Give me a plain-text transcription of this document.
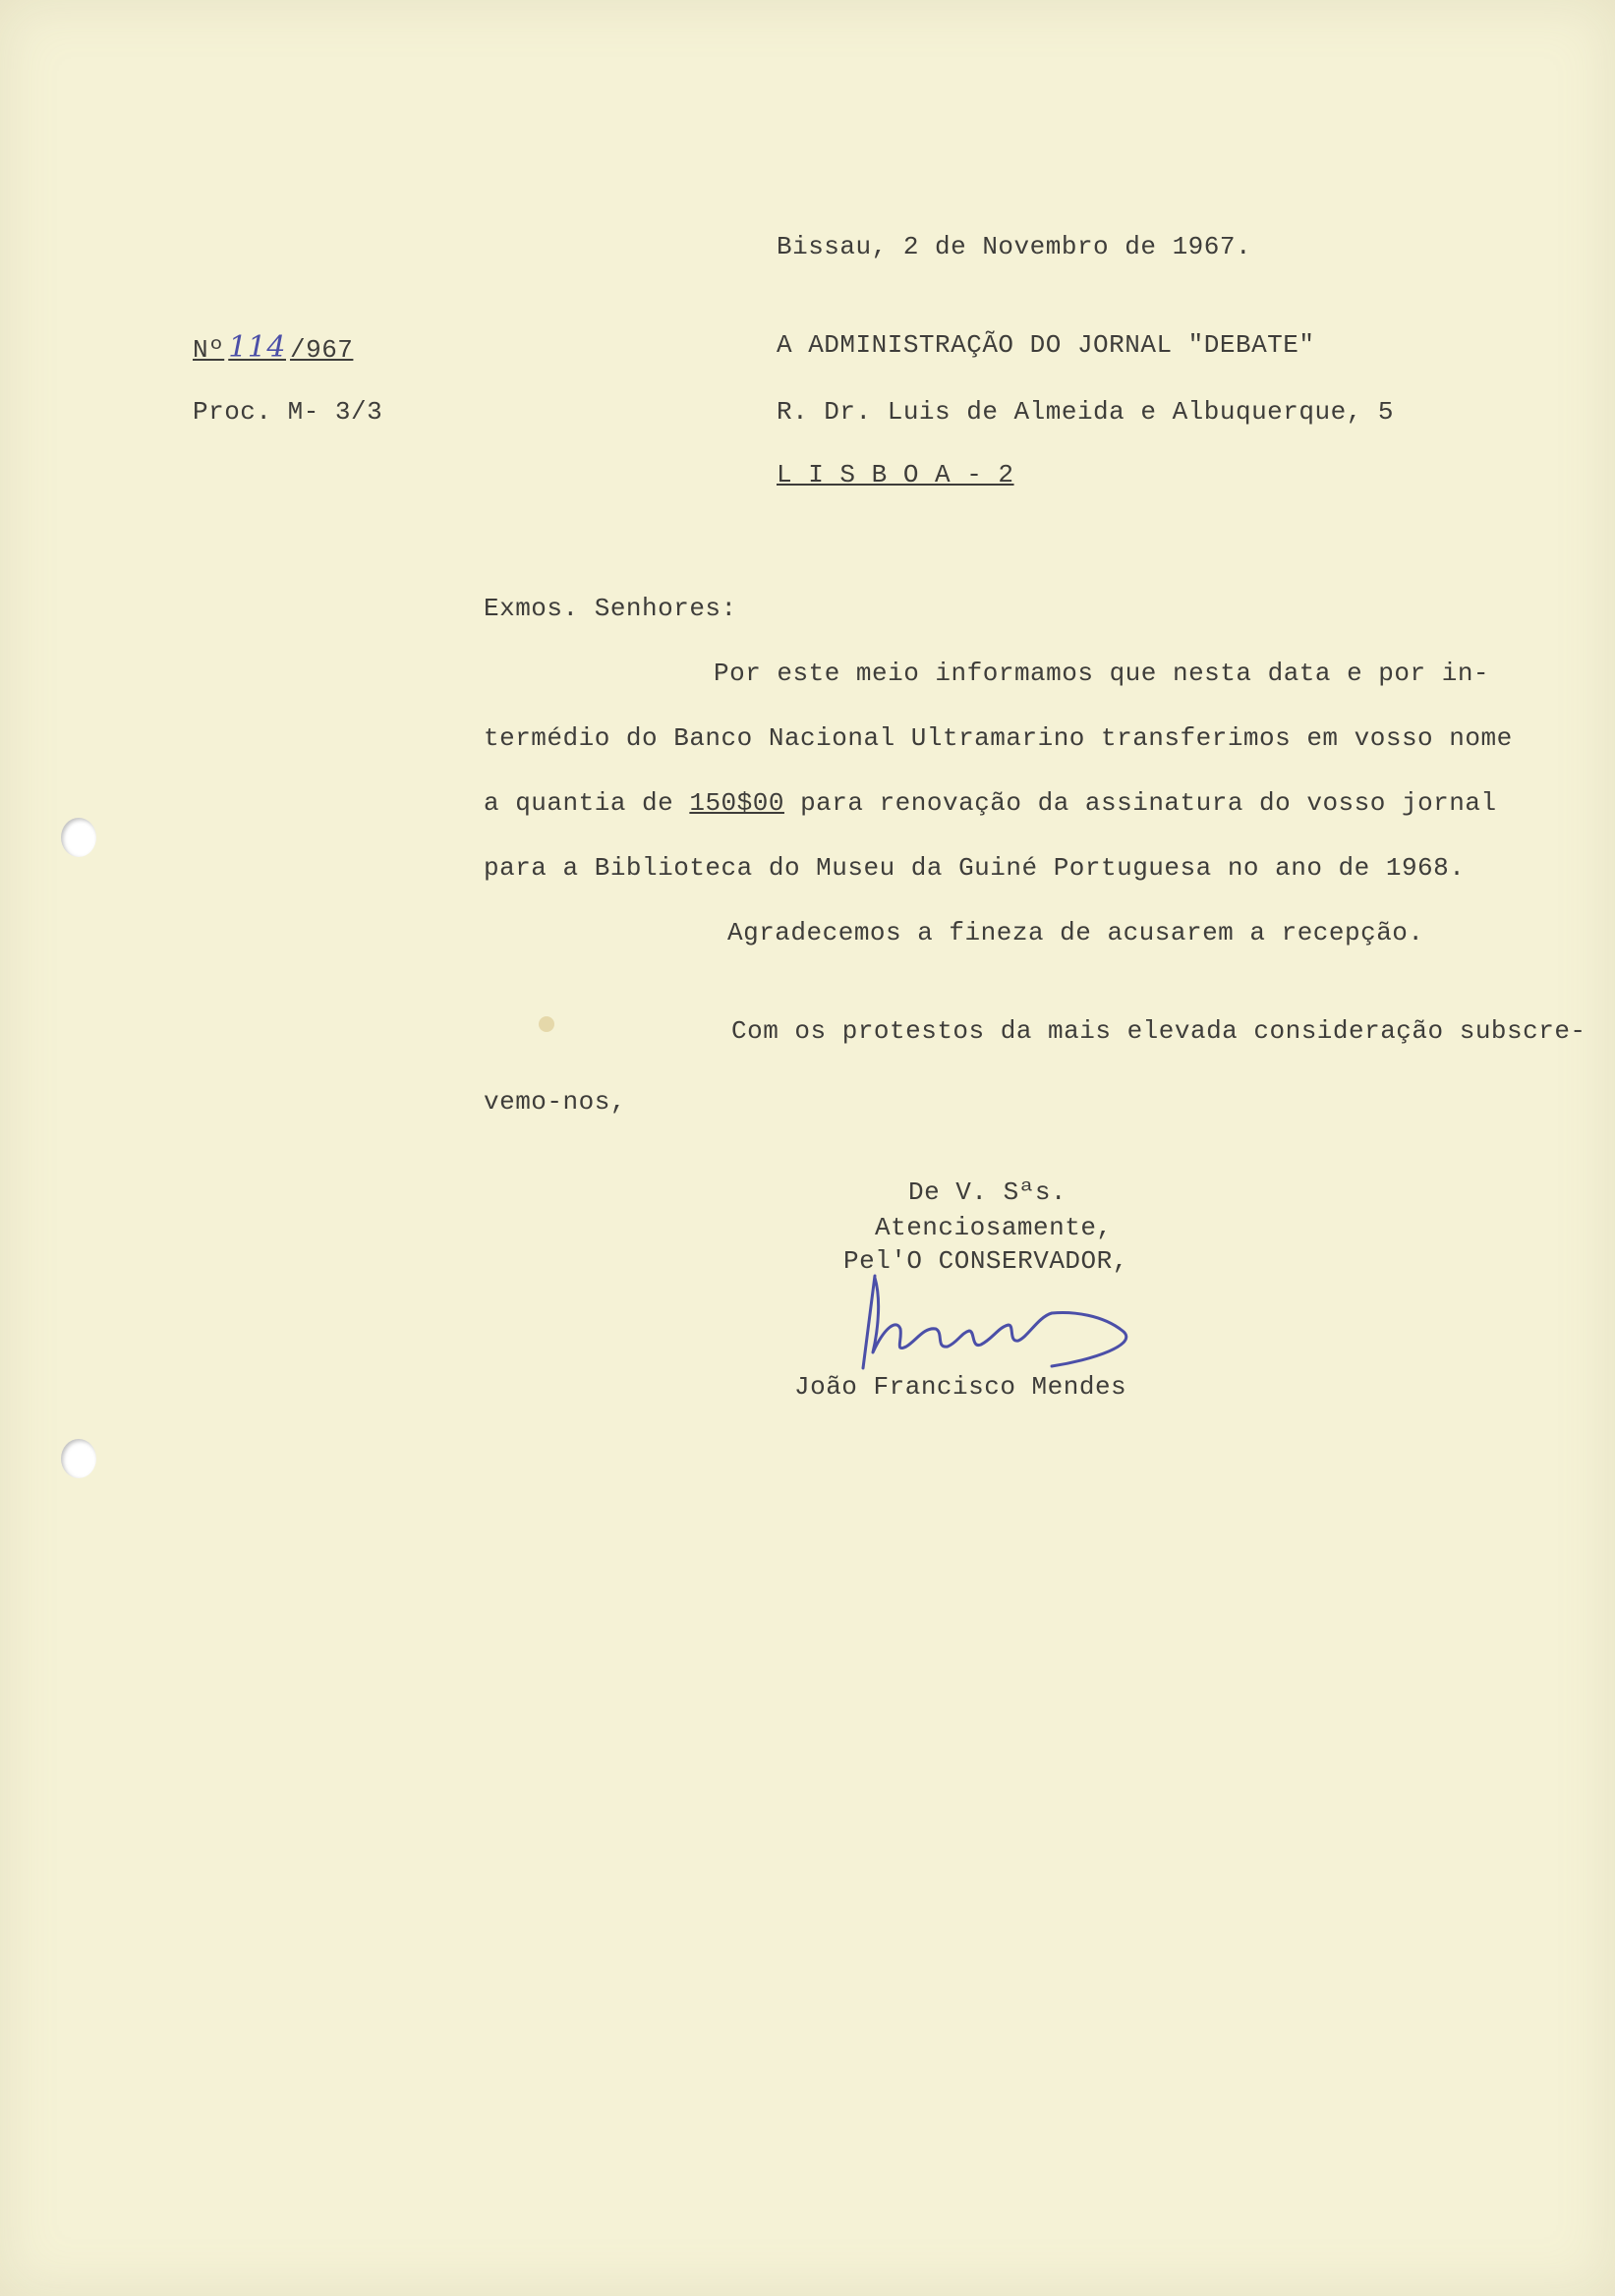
Bissau, 2 de Novembro de 1967.
Nº 114 /967
Proc. M- 3/3
A ADMINISTRAÇÃO DO JORNAL "DEBATE"
R. Dr. Luis de Almeida e Albuquerque, 5
L I S B O A - 2
Exmos. Senhores:
Por este meio informamos que nesta data e por in-
termédio do Banco Nacional Ultramarino transferimos em vosso nome
a quantia de 150$00 para renovação da assinatura do vosso jornal
para a Biblioteca do Museu da Guiné Portuguesa no ano de 1968.
Agradecemos a fineza de acusarem a recepção.
Com os protestos da mais elevada consideração subscre-
vemo-nos,
De V. Sªs.
Atenciosamente,
Pel'O CONSERVADOR,
João Francisco Mendes
